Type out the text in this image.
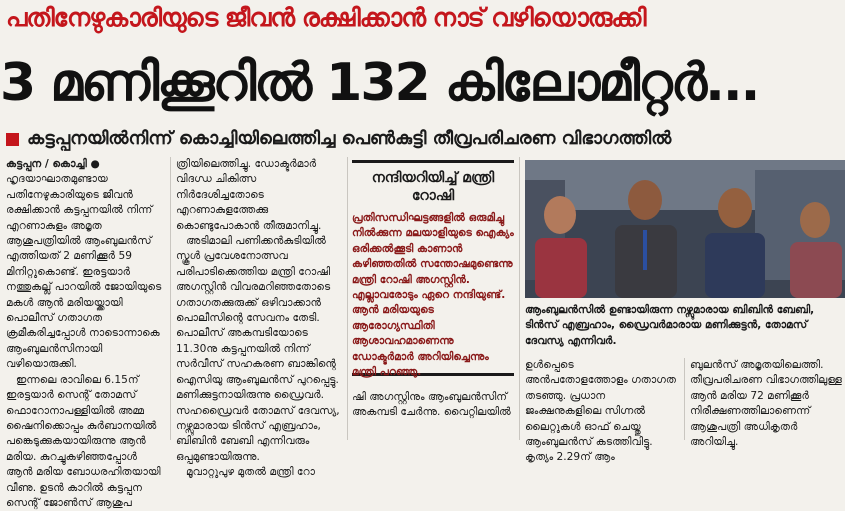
പതിനേഴുകാരിയുടെ ജീവൻ രക്ഷിക്കാൻ നാട് വഴിയൊരുക്കി
3 മണിക്കൂറിൽ 132 കിലോമീറ്റർ...
കട്ടപ്പനയിൽനിന്ന് കൊച്ചിയിലെത്തിച്ച പെൺകുട്ടി തീവ്രപരിചരണ വിഭാഗത്തിൽ

കട്ടപ്പന / കൊച്ചി ● ഹൃദയാഘാതമുണ്ടായ പതിനേഴുകാരിയുടെ ജീവൻ രക്ഷിക്കാൻ കട്ടപ്പനയിൽ നിന്ന് എറണാകുളം അമൃത ആശുപത്രിയിൽ ആംബുലൻസ് എത്തിയത് 2 മണിക്കൂർ 59 മിനിറ്റുകൊണ്ട്. ഇരട്ടയാർ നത്തുകല്ല് പാറയിൽ ജോയിയുടെ മകൾ ആൻ മരിയയ്ക്കായി പൊലീസ് ഗതാഗത ക്രമീകരിച്ചപ്പോൾ നാടൊന്നാകെ ആംബുലൻസിനായി വഴിയൊരുക്കി.

ഇന്നലെ രാവിലെ 6.15ന് ഇരട്ടയാർ സെന്റ് തോമസ് ഫൊറോനാപള്ളിയിൽ അമ്മ ഷൈനിക്കൊപ്പം കുർബാനയിൽ പങ്കെടുക്കുകയായിരുന്നു ആൻ മരിയ. കുറച്ചുകഴിഞ്ഞപ്പോൾ ആൻ മരിയ ബോധരഹിതയായി വീണു. ഉടൻ കാറിൽ കട്ടപ്പന സെന്റ് ജോൺസ് ആശുപ

ത്രിയിലെത്തിച്ചു. ഡോക്ടർമാർ വിദഗ്ധ ചികിത്സ നിർദേശിച്ചതോടെ എറണാകുളത്തേക്കു കൊണ്ടുപോകാൻ തീരുമാനിച്ചു.

അടിമാലി പണിക്കൻകുടിയിൽ സ്കൂൾ പ്രവേശനോത്സവ പരിപാടിക്കെത്തിയ മന്ത്രി റോഷി അഗസ്റ്റിൻ വിവരമറിഞ്ഞതോടെ ഗതാഗതക്കുരുക്ക് ഒഴിവാക്കാൻ പൊലീസിന്റെ സേവനം തേടി. പൊലീസ് അകമ്പടിയോടെ 11.30നു കട്ടപ്പനയിൽ നിന്ന് സർവീസ് സഹകരണ ബാങ്കിന്റെ ഐസിയു ആംബുലൻസ് പുറപ്പെട്ടു. മണിക്കുട്ടനായിരുന്നു ഡ്രൈവർ. സഹഡ്രൈവർ തോമസ് ദേവസ്യ, നഴ്സുമാരായ ടിൻസ് എബ്രഹാം, ബിബിൻ ബേബി എന്നിവരും ഒപ്പമുണ്ടായിരുന്നു.

മൂവാറ്റുപുഴ മുതൽ മന്ത്രി റോ

നന്ദിയറിയിച്ച് മന്ത്രി റോഷി

പ്രതിസന്ധിഘട്ടങ്ങളിൽ ഒരുമിച്ചു നിൽക്കുന്ന മലയാളിയുടെ ഐക്യം ഒരിക്കൽക്കൂടി കാണാൻ കഴിഞ്ഞതിൽ സന്തോഷമുണ്ടെന്നു മന്ത്രി റോഷി അഗസ്റ്റിൻ. എല്ലാവരോടും ഏറെ നന്ദിയുണ്ട്. ആൻ മരിയയുടെ ആരോഗ്യസ്ഥിതി ആശാവഹമാണെന്നു ഡോക്ടർമാർ അറിയിച്ചെന്നും മന്ത്രി പറഞ്ഞു.

ഷി അഗസ്റ്റിനും ആംബുലൻസിന് അകമ്പടി ചേർന്നു. വൈറ്റിലയിൽ
ആംബുലൻസിൽ ഉണ്ടായിരുന്ന നഴ്സുമാരായ ബിബിൻ ബേബി, ടിൻസ് എബ്രഹാം, ഡ്രൈവർമാരായ മണിക്കുട്ടൻ, തോമസ് ദേവസ്യ എന്നിവർ.
ഉൾപ്പെടെ അൻപതോളത്തോളം ഗതാഗത തടഞ്ഞു. പ്രധാന ജംക്ഷനുകളിലെ സിഗ്നൽ ലൈറ്റുകൾ ഓഫ് ചെയ്തു ആംബുലൻസ് കടത്തിവിട്ടു. കൃത്യം 2.29ന് ആം
ബുലൻസ് അമൃതയിലെത്തി. തീവ്രപരിചരണ വിഭാഗത്തിലുള്ള ആൻ മരിയ 72 മണിക്കൂർ നിരീക്ഷണത്തിലാണെന്ന് ആശുപത്രി അധികൃതർ അറിയിച്ചു.
